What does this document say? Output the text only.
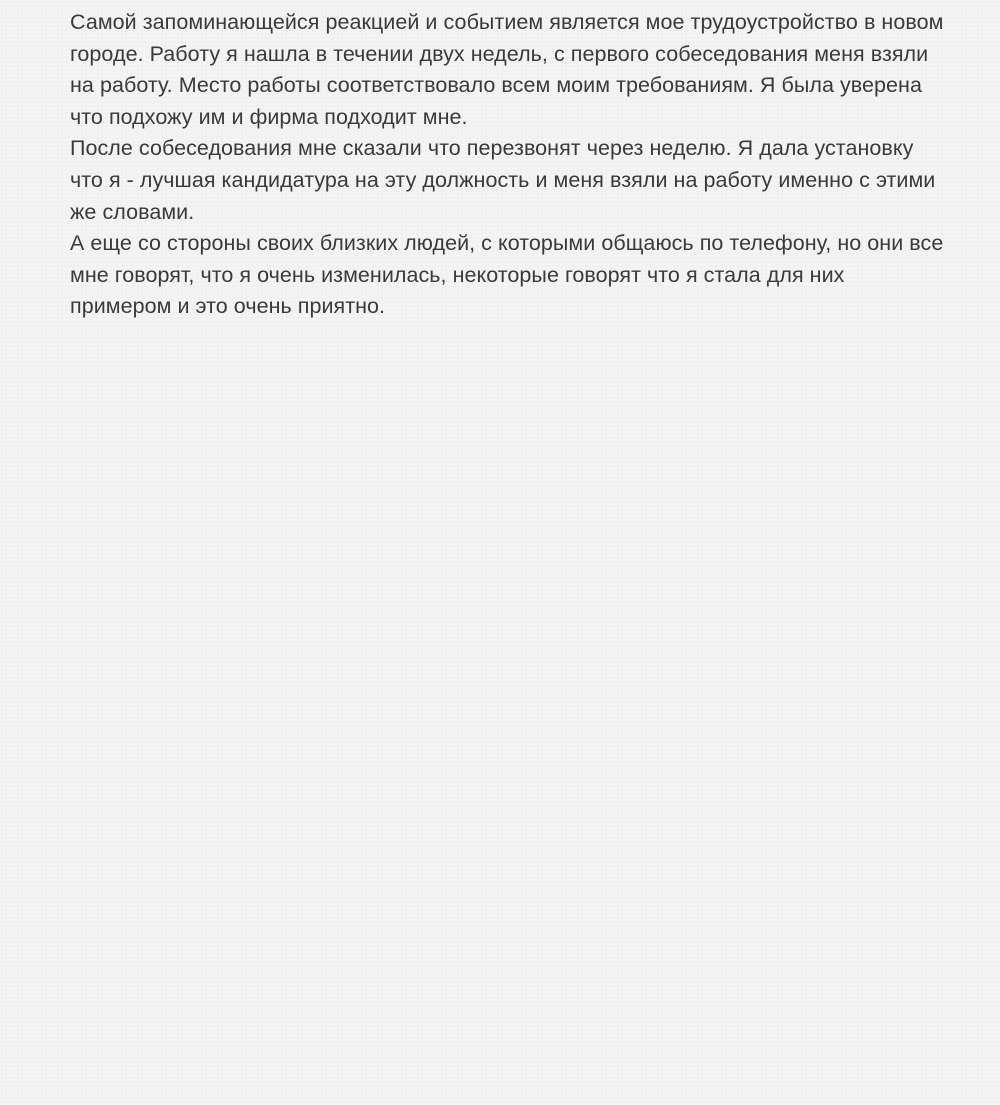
Самой запоминающейся реакцией и событием является мое трудоустройство в новом городе. Работу я нашла в течении двух недель, с первого собеседования меня взяли на работу. Место работы соответствовало всем моим требованиям. Я была уверена что подхожу им и фирма подходит мне.

После собеседования мне сказали что перезвонят через неделю. Я дала установку что я - лучшая кандидатура на эту должность и меня взяли на работу именно с этими же словами.

А еще со стороны своих близких людей, с которыми общаюсь по телефону, но они все мне говорят, что я очень изменилась, некоторые говорят что я стала для них примером и это очень приятно.
